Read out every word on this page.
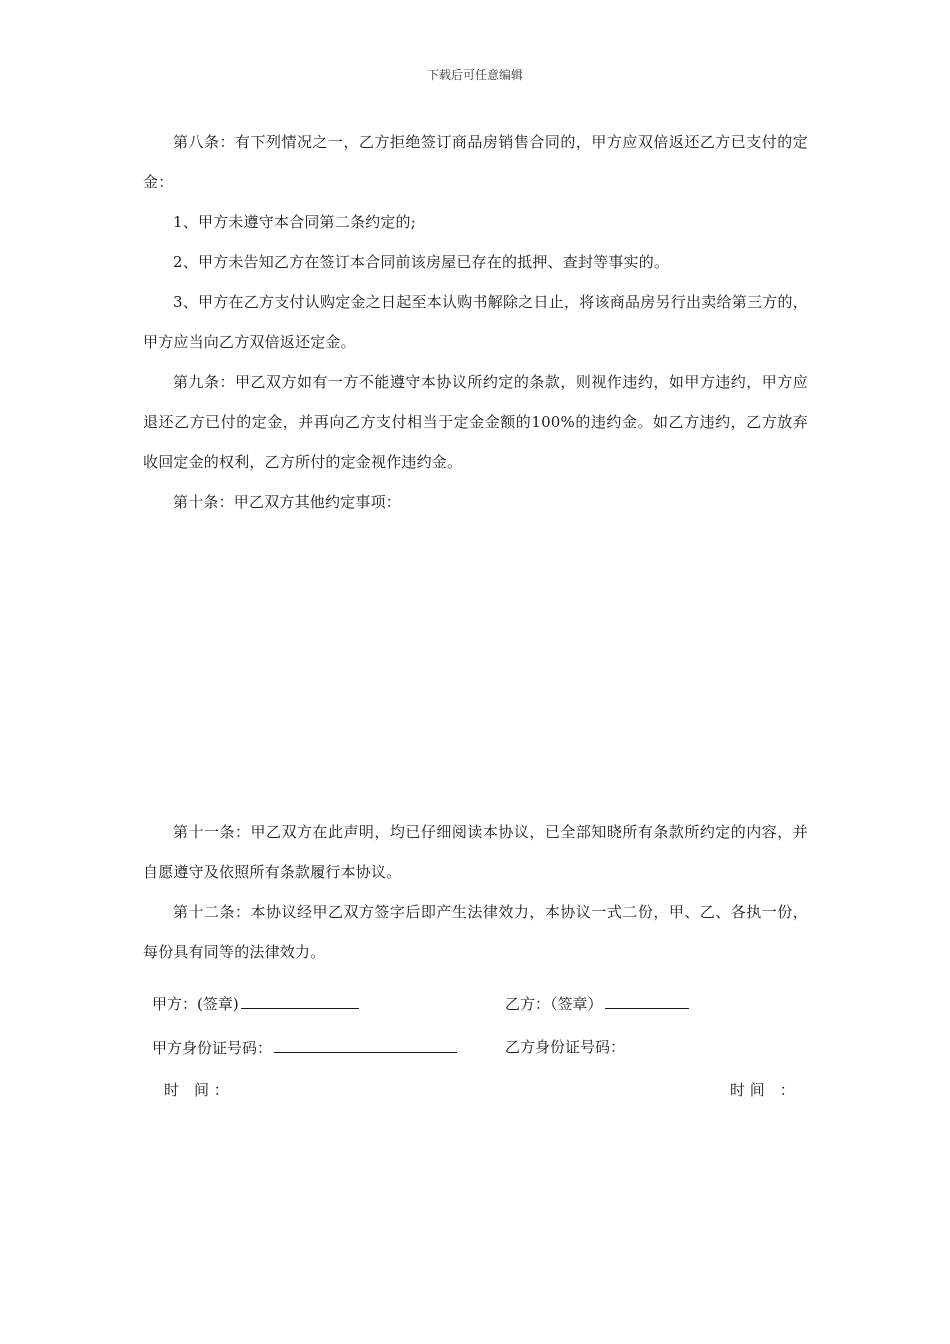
下载后可任意编辑

第八条：有下列情况之一，乙方拒绝签订商品房销售合同的，甲方应双倍返还乙方已支付的定金：

1、甲方未遵守本合同第二条约定的;

2、甲方未告知乙方在签订本合同前该房屋已存在的抵押、查封等事实的。

3、甲方在乙方支付认购定金之日起至本认购书解除之日止，将该商品房另行出卖给第三方的，甲方应当向乙方双倍返还定金。

第九条：甲乙双方如有一方不能遵守本协议所约定的条款，则视作违约，如甲方违约，甲方应退还乙方已付的定金，并再向乙方支付相当于定金金额的100%的违约金。如乙方违约，乙方放弃收回定金的权利，乙方所付的定金视作违约金。

第十条：甲乙双方其他约定事项：

第十一条：甲乙双方在此声明，均已仔细阅读本协议，已全部知晓所有条款所约定的内容，并自愿遵守及依照所有条款履行本协议。

第十二条：本协议经甲乙双方签字后即产生法律效力，本协议一式二份，甲、乙、各执一份，每份具有同等的法律效力。

甲方：(签章)	乙方：（签章）
甲方身份证号码：	乙方身份证号码：
时　间 ：	时 间　：
